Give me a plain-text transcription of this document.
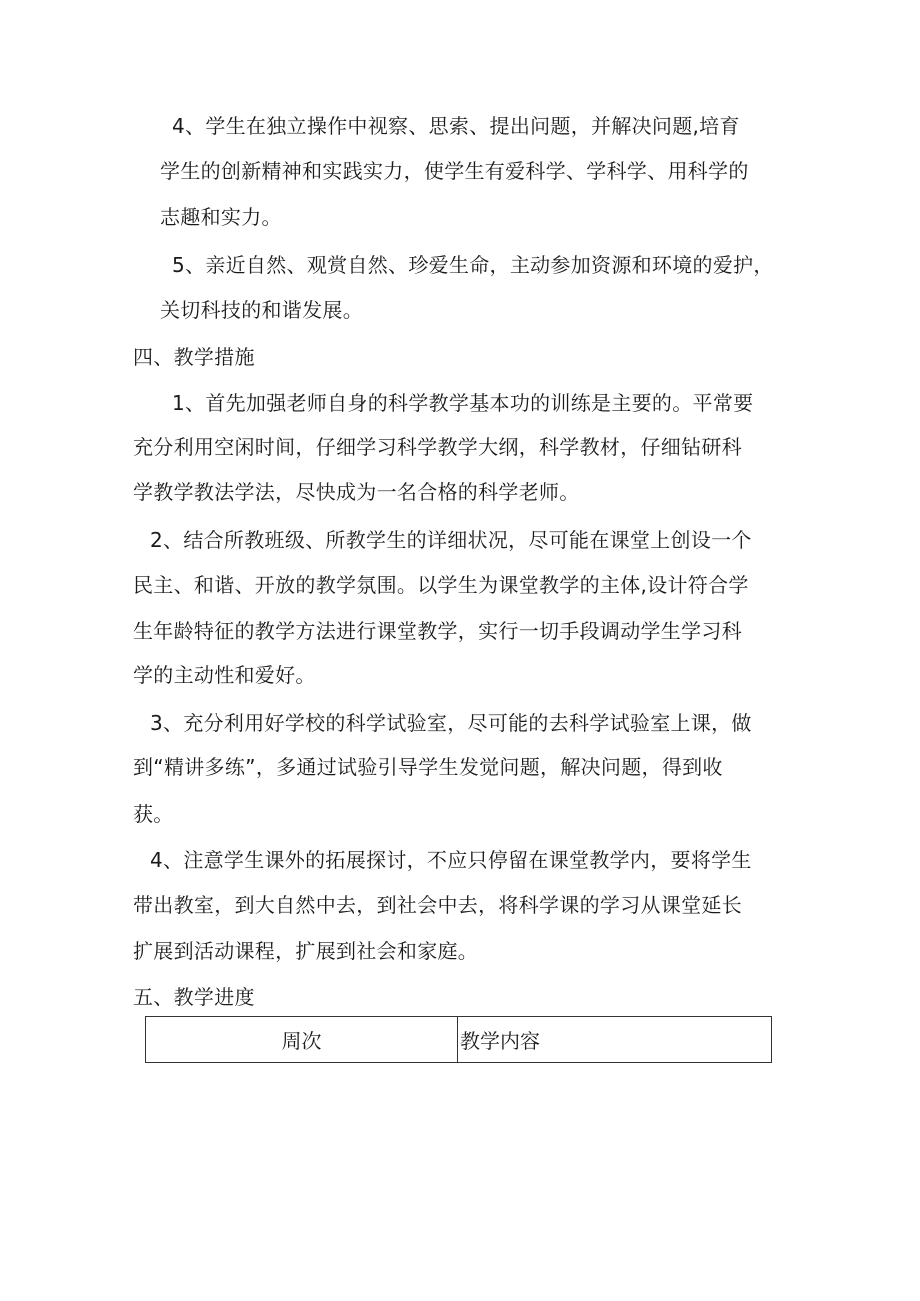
4、学生在独立操作中视察、思索、提出问题，并解决问题,培育
学生的创新精神和实践实力，使学生有爱科学、学科学、用科学的
志趣和实力。
5、亲近自然、观赏自然、珍爱生命，主动参加资源和环境的爱护，
关切科技的和谐发展。
四、教学措施
1、首先加强老师自身的科学教学基本功的训练是主要的。平常要
充分利用空闲时间，仔细学习科学教学大纲，科学教材，仔细钻研科
学教学教法学法，尽快成为一名合格的科学老师。
2、结合所教班级、所教学生的详细状况，尽可能在课堂上创设一个
民主、和谐、开放的教学氛围。以学生为课堂教学的主体,设计符合学
生年龄特征的教学方法进行课堂教学，实行一切手段调动学生学习科
学的主动性和爱好。
3、充分利用好学校的科学试验室，尽可能的去科学试验室上课，做
到“精讲多练”，多通过试验引导学生发觉问题，解决问题，得到收
获。
4、注意学生课外的拓展探讨，不应只停留在课堂教学内，要将学生
带出教室，到大自然中去，到社会中去，将科学课的学习从课堂延长
扩展到活动课程，扩展到社会和家庭。
五、教学进度
周次	教学内容
